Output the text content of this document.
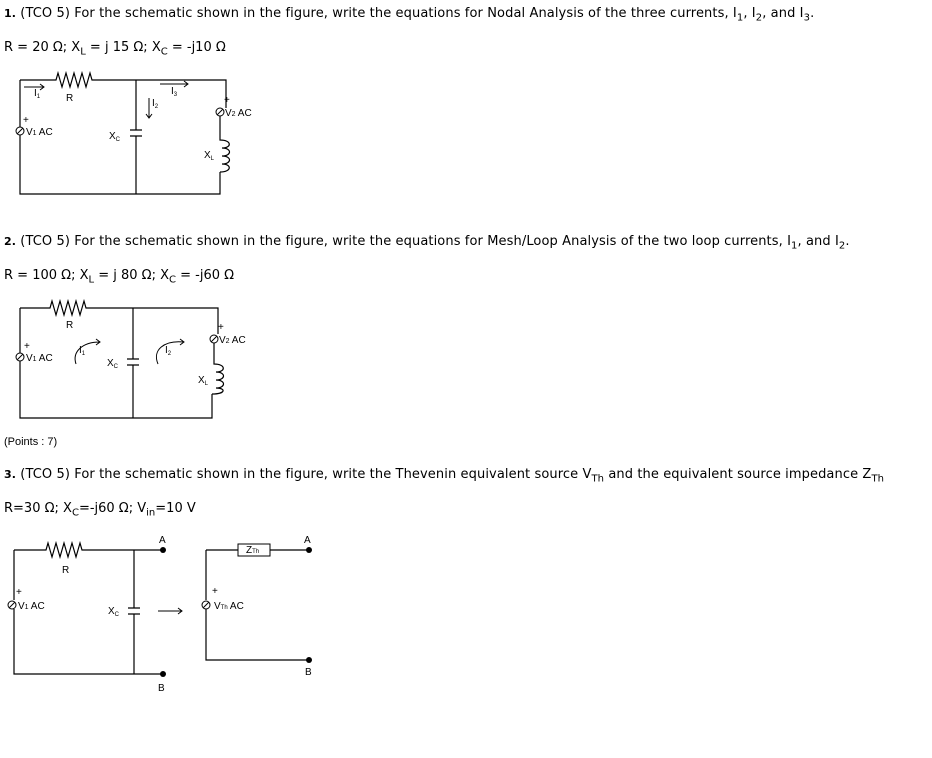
1. (TCO 5) For the schematic shown in the figure, write the equations for Nodal Analysis of the three currents, $I_1$, $I_2$, and $I_3$.
R = 20 Ω; $X_L = j$ 15 Ω; $X_C = -j10$ Ω
2. (TCO 5) For the schematic shown in the figure, write the equations for Mesh/Loop Analysis of the two loop currents, $I_1$, and $I_2$.
R = 100 Ω; $X_L = j$ 80 Ω; $X_C = -j60$ Ω
(Points : 7)
3. (TCO 5) For the schematic shown in the figure, write the Thevenin equivalent source $V_{Th}$ and the equivalent source impedance $Z_{Th}$
R=30 Ω; $X_C=-j60$ Ω; $V_{in}=10$ V
$I_1$	R	$I_2$
$I_3$	+
V2 AC
+
V1 AC	$X_C$
$X_L$
R	+
V2 AC
+
V1 AC
$I_1$	$I_2$
$X_C$
$X_L$
A
R
+
V1 AC	$X_C$
B
ZTh
A
+
VTh AC
B
